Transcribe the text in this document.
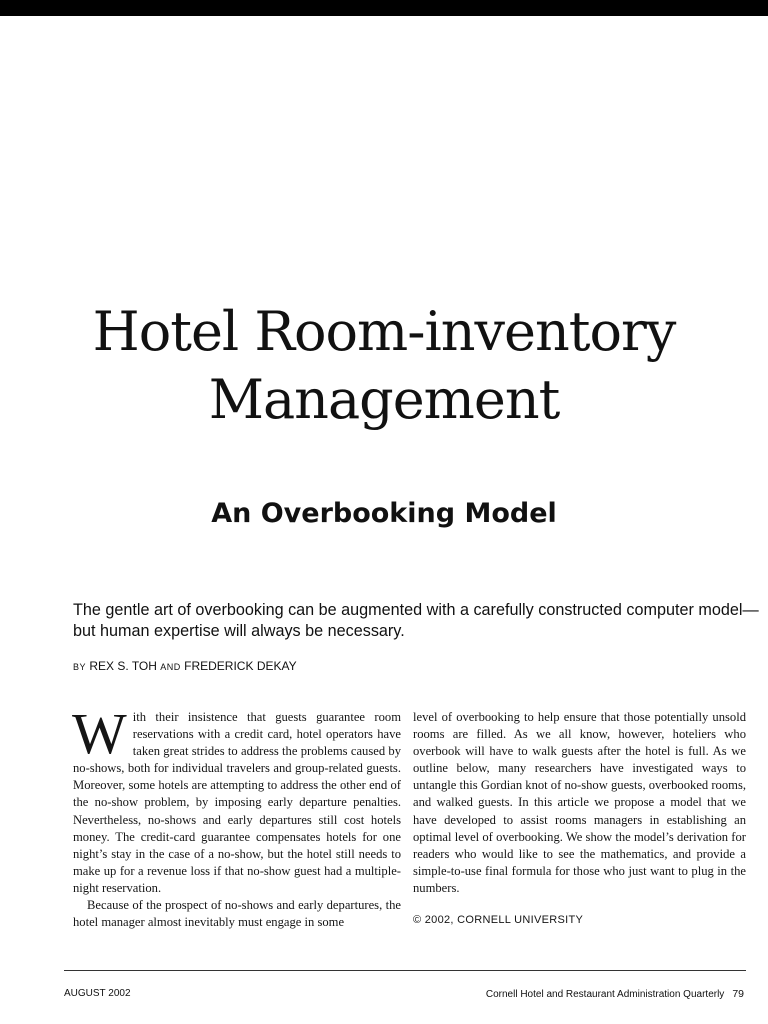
Hotel Room-inventory
Management
An Overbooking Model

The gentle art of overbooking can be augmented with a carefully constructed computer model—but human expertise will always be necessary.

BY REX S. TOH AND FREDERICK DEKAY

With their insistence that guests guarantee room reservations with a credit card, hotel operators have taken great strides to address the problems caused by no-shows, both for individual travelers and group-related guests. Moreover, some hotels are attempting to address the other end of the no-show problem, by imposing early departure penalties. Nevertheless, no-shows and early departures still cost hotels money. The credit-card guarantee compensates hotels for one night’s stay in the case of a no-show, but the hotel still needs to make up for a revenue loss if that no-show guest had a multiple-night reservation.

Because of the prospect of no-shows and early departures, the hotel manager almost inevitably must engage in some

level of overbooking to help ensure that those potentially unsold rooms are filled. As we all know, however, hoteliers who overbook will have to walk guests after the hotel is full. As we outline below, many researchers have investigated ways to untangle this Gordian knot of no-show guests, overbooked rooms, and walked guests. In this article we propose a model that we have developed to assist rooms managers in establishing an optimal level of overbooking. We show the model’s derivation for readers who would like to see the mathematics, and provide a simple-to-use final formula for those who just want to plug in the numbers.

© 2002, CORNELL UNIVERSITY

AUGUST 2002	Cornell Hotel and Restaurant Administration Quarterly 79
